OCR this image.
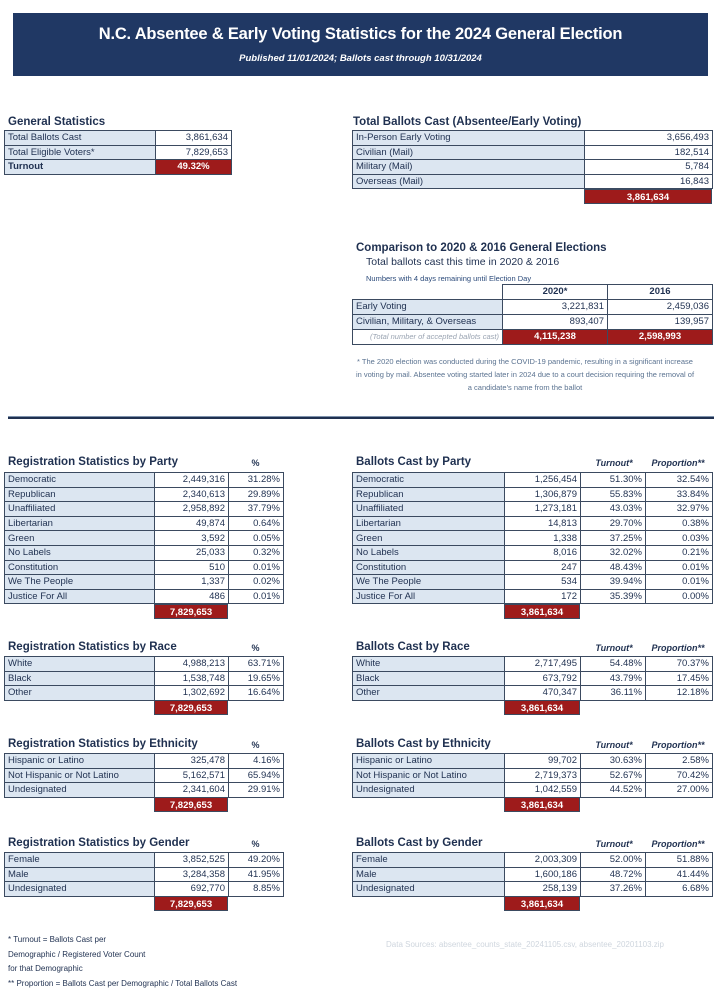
N.C. Absentee & Early Voting Statistics for the 2024 General Election
Published 11/01/2024; Ballots cast through 10/31/2024
General Statistics
Total Ballots Cast	3,861,634
Total Eligible Voters*	7,829,653
Turnout	49.32%
Total Ballots Cast (Absentee/Early Voting)
In-Person Early Voting	3,656,493
Civilian (Mail)	182,514
Military (Mail)	5,784
Overseas (Mail)	16,843
3,861,634
Comparison to 2020 & 2016 General Elections
Total ballots cast this time in 2020 & 2016
Numbers with 4 days remaining until Election Day
	2020*	2016
Early Voting	3,221,831	2,459,036
Civilian, Military, & Overseas	893,407	139,957
(Total number of accepted ballots cast)	4,115,238	2,598,993
* The 2020 election was conducted during the COVID-19 pandemic, resulting in a significant increase in voting by mail. Absentee voting started later in 2024 due to a court decision requiring the removal of a candidate's name from the ballot
Registration Statistics by Party	%
Democratic	2,449,316	31.28%
Republican	2,340,613	29.89%
Unaffiliated	2,958,892	37.79%
Libertarian	49,874	0.64%
Green	3,592	0.05%
No Labels	25,033	0.32%
Constitution	510	0.01%
We The People	1,337	0.02%
Justice For All	486	0.01%
7,829,653
Ballots Cast by Party	Turnout*	Proportion**
Democratic	1,256,454	51.30%	32.54%
Republican	1,306,879	55.83%	33.84%
Unaffiliated	1,273,181	43.03%	32.97%
Libertarian	14,813	29.70%	0.38%
Green	1,338	37.25%	0.03%
No Labels	8,016	32.02%	0.21%
Constitution	247	48.43%	0.01%
We The People	534	39.94%	0.01%
Justice For All	172	35.39%	0.00%
3,861,634
Registration Statistics by Race	%
White	4,988,213	63.71%
Black	1,538,748	19.65%
Other	1,302,692	16.64%
7,829,653
Ballots Cast by Race	Turnout*	Proportion**
White	2,717,495	54.48%	70.37%
Black	673,792	43.79%	17.45%
Other	470,347	36.11%	12.18%
3,861,634
Registration Statistics by Ethnicity	%
Hispanic or Latino	325,478	4.16%
Not Hispanic or Not Latino	5,162,571	65.94%
Undesignated	2,341,604	29.91%
7,829,653
Ballots Cast by Ethnicity	Turnout*	Proportion**
Hispanic or Latino	99,702	30.63%	2.58%
Not Hispanic or Not Latino	2,719,373	52.67%	70.42%
Undesignated	1,042,559	44.52%	27.00%
3,861,634
Registration Statistics by Gender	%
Female	3,852,525	49.20%
Male	3,284,358	41.95%
Undesignated	692,770	8.85%
7,829,653
Ballots Cast by Gender	Turnout*	Proportion**
Female	2,003,309	52.00%	51.88%
Male	1,600,186	48.72%	41.44%
Undesignated	258,139	37.26%	6.68%
3,861,634
* Turnout = Ballots Cast per
Demographic / Registered Voter Count
for that Demographic
** Proportion = Ballots Cast per Demographic / Total Ballots Cast
Data Sources: absentee_counts_state_20241105.csv, absentee_20201103.zip
